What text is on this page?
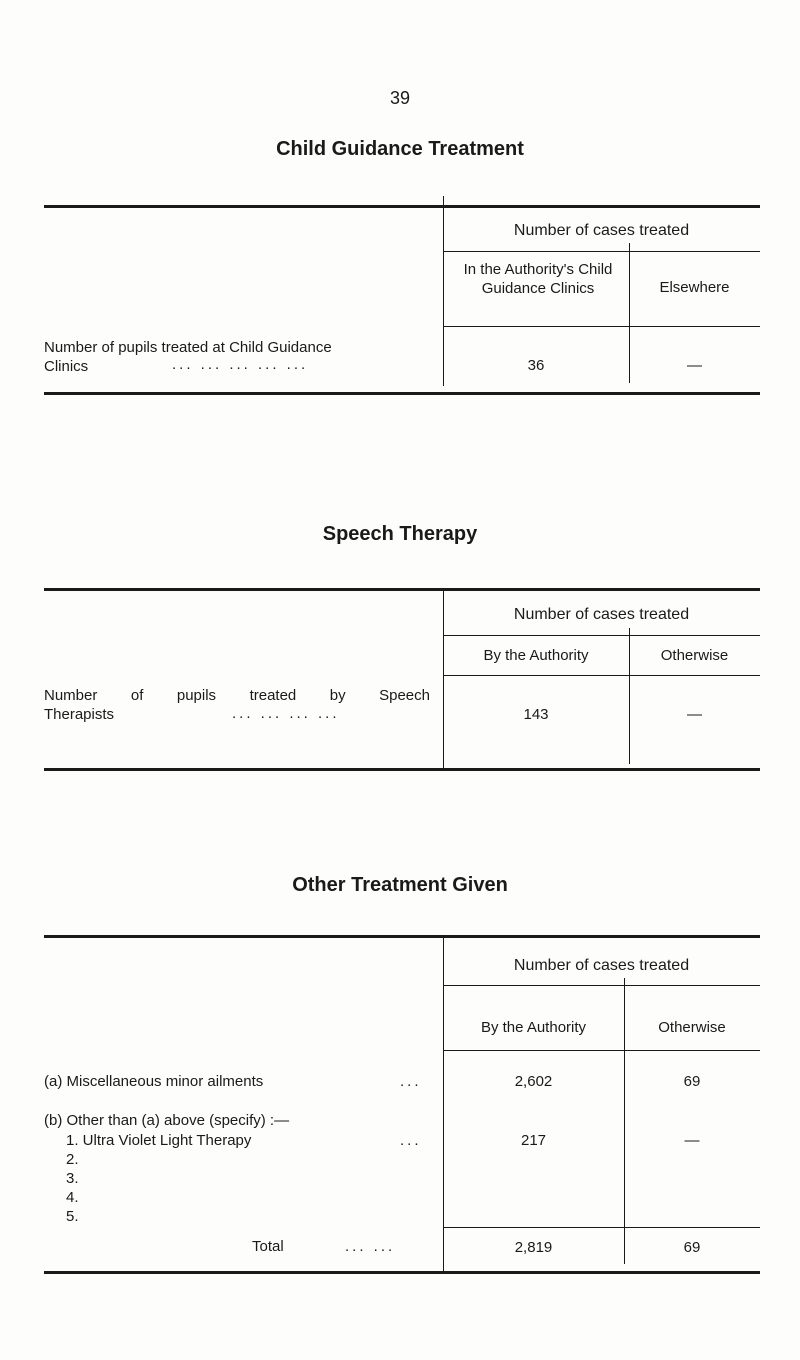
39
Child Guidance Treatment
Number of cases treated
In the Authority's Child Guidance Clinics	Elsewhere
Number of pupils treated at Child Guidance
Clinics	... ... ... ... ...	36	—
Speech Therapy
Number of cases treated
By the Authority	Otherwise
Number of pupils treated by Speech
Therapists	... ... ... ...	143	—
Other Treatment Given
Number of cases treated
By the Authority	Otherwise
(a) Miscellaneous minor ailments	...	2,602	69
(b) Other than (a) above (specify) :—
1. Ultra Violet Light Therapy	...	217	—
2.
3.
4.
5.
Total	... ...	2,819	69
